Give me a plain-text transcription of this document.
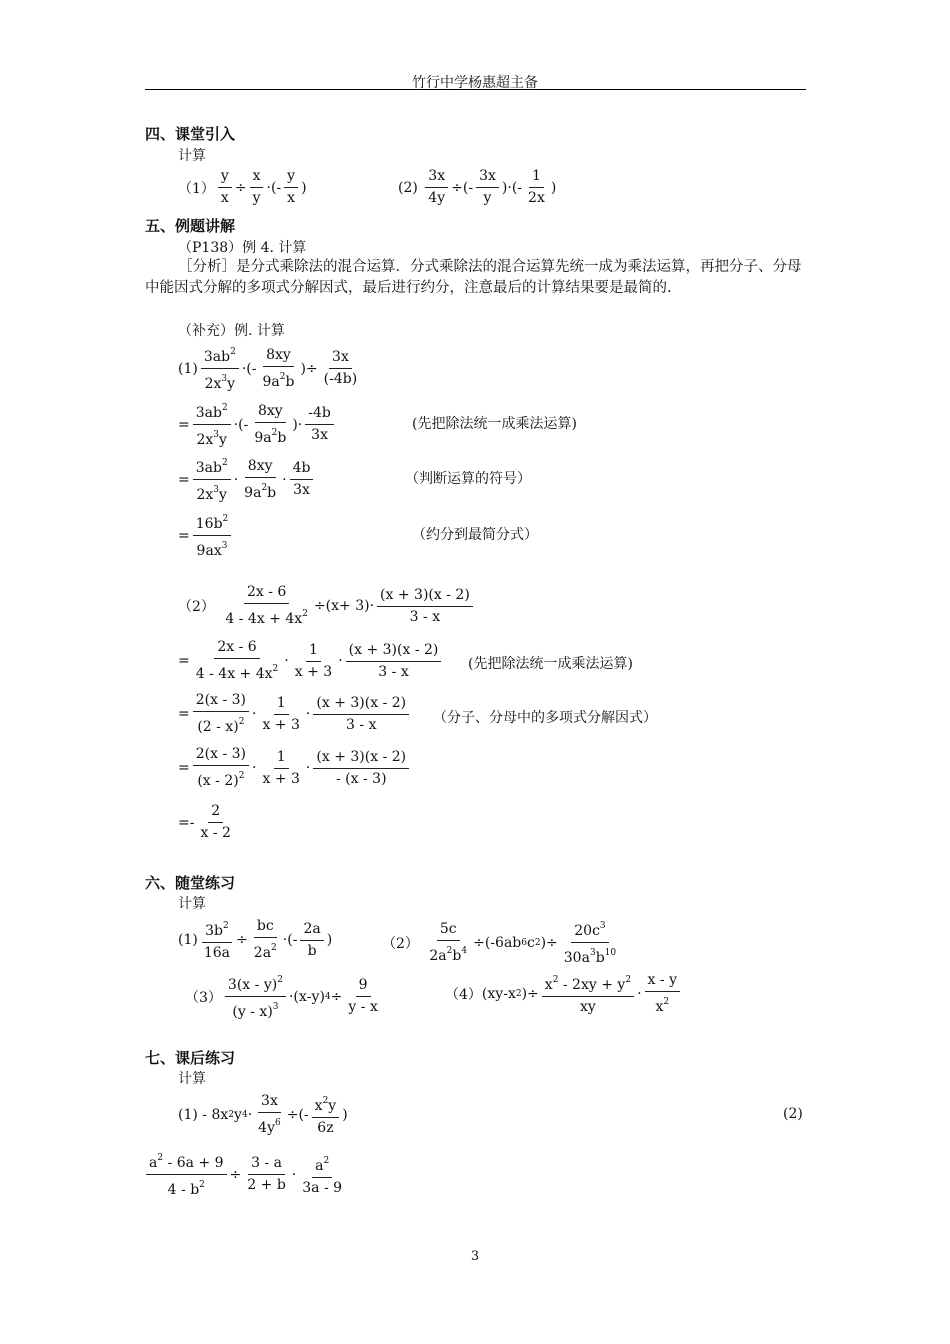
竹行中学杨惠超主备
四、课堂引入
计算
$(1) \frac{y}{x} \div \frac{x}{y}$ ·(- $\frac{y}{x}$ )	(2)
$\frac{3x}{4y}$ ÷(- $\frac{3x}{y}$ )·(- $\frac{1}{2x}$ )
五、例题讲解
（P138）例 4. 计算
［分析］是分式乘除法的混合运算．分式乘除法的混合运算先统一成为乘法运算，再把分子、分母中能因式分解的多项式分解因式，最后进行约分，注意最后的计算结果要是最简的.
（补充）例. 计算
$(1) \frac{3ab^2}{2x^3y}$ ·(- $\frac{8xy}{9a^2b}$ )÷ $\frac{3x}{(-4b)}$
= $\frac{3ab^2}{2x^3y}$ ·(- $\frac{8xy}{9a^2b}$ )· $\frac{-4b}{3x}$	(先把除法统一成乘法运算)
= $\frac{3ab^2}{2x^3y} \cdot \frac{8xy}{9a^2b} \cdot \frac{4b}{3x}$	（判断运算的符号）
= $\frac{16b^2}{9ax^3}$	（约分到最简分式）
（2）
$\frac{2x - 6}{4 - 4x + 4x^2}$ ÷( $x + 3)\cdot \frac{(x + 3)(x - 2)}{3 - x}$
= $\frac{2x - 6}{4 - 4x + 4x^2} \cdot \frac{1}{x + 3} \cdot \frac{(x + 3)(x - 2)}{3 - x}$ (先把除法统一成乘法运算)
= $\frac{2(x - 3)}{(2 - x)^2} \cdot \frac{1}{x + 3} \cdot \frac{(x + 3)(x - 2)}{3 - x}$ （分子、分母中的多项式分解因式）
= $\frac{2(x - 3)}{(x - 2)^2} \cdot \frac{1}{x + 3} \cdot \frac{(x + 3)(x - 2)}{- (x - 3)}$
=- $\frac{2}{x - 2}$
六、随堂练习
计算
$(1) \frac{3b^2}{16a} \div \frac{bc}{2a^2}$ ·(- $\frac{2a}{b}$ )	（2）
$\frac{5c}{2a^2b^4} \div(-6$ ab 6 c 2 )÷ $\frac{20c^3}{30a^3b^{10}}$
$(3) \frac{3(x - y)^2}{(y - x)^3}$ ·( x - y ) $4 \div \frac{9}{y - x}$	（4） ( xy - x 2 )÷ $\frac{x^2 - 2xy + y^2}{xy} \cdot \frac{x - y}{x^2}$
七、课后练习
计算
(1) - 8 x 2 y $4 \cdot \frac{3x}{4y^6}$ ÷(- $\frac{x^2y}{6z}$ )	(2)
$\frac{a^2 - 6a + 9}{4 - b^2} \div \frac{3 - a}{2 + b} \cdot \frac{a^2}{3a - 9}$
3
